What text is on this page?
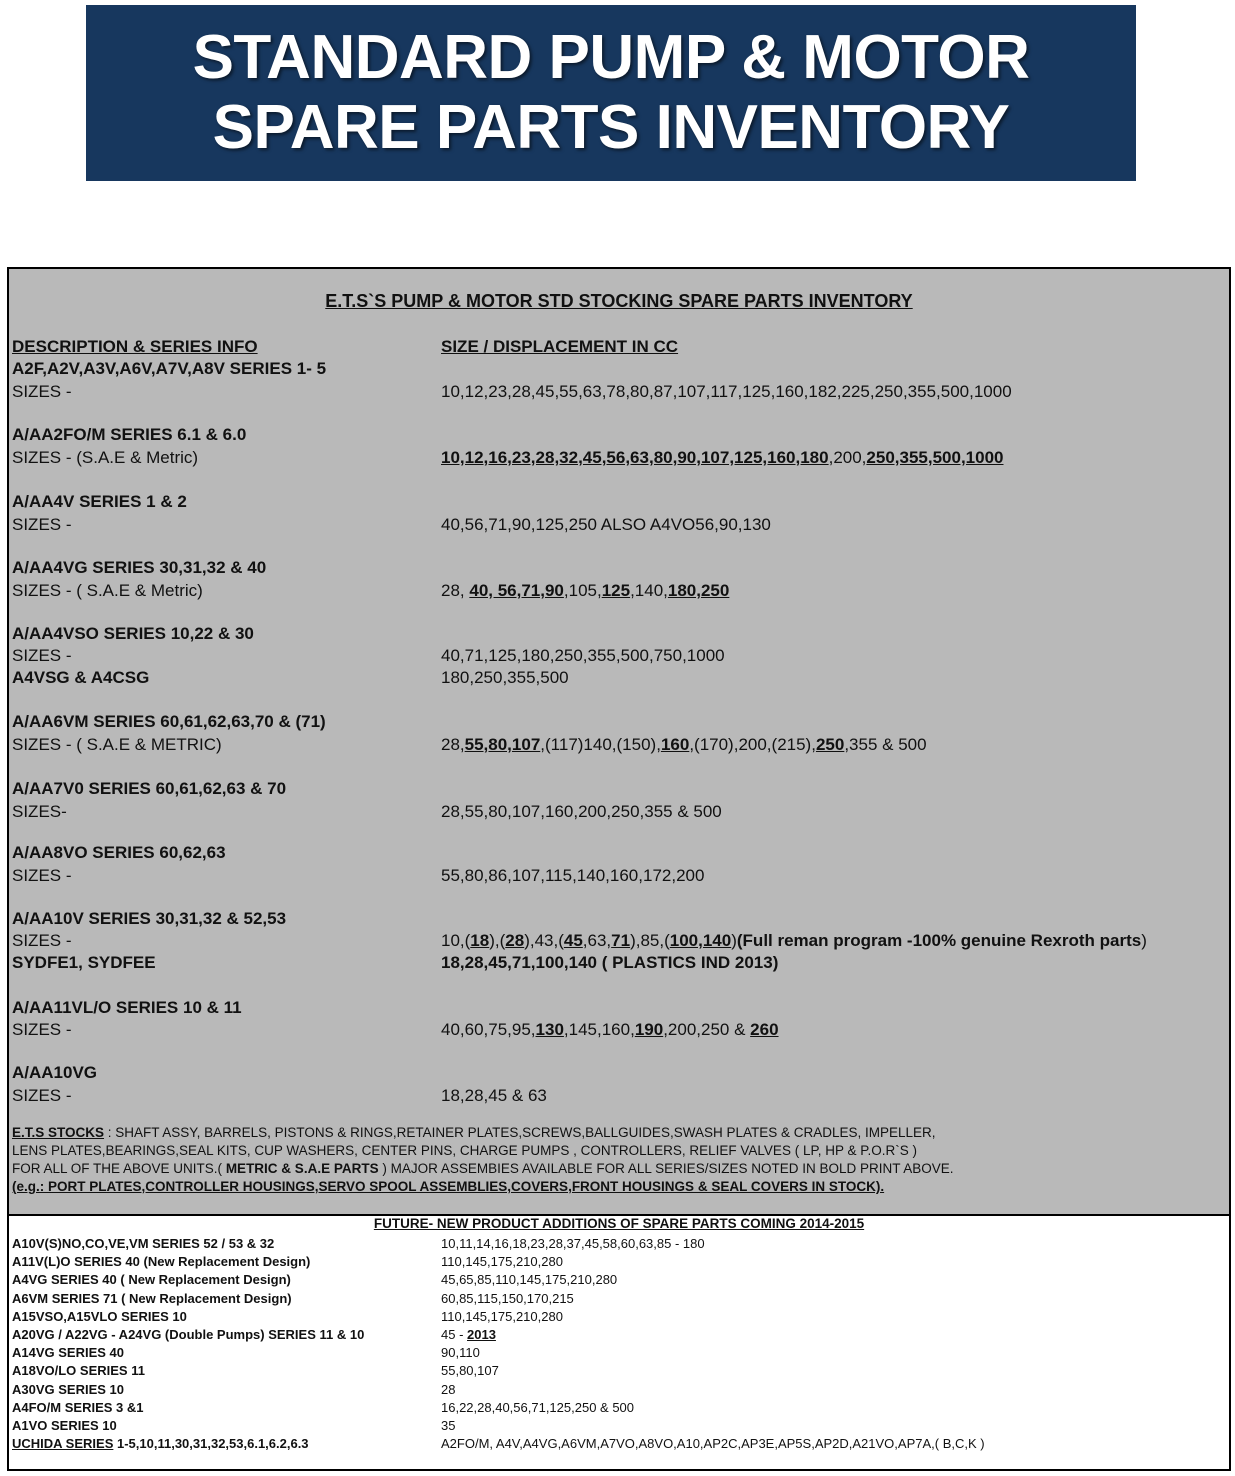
STANDARD PUMP & MOTOR
SPARE PARTS INVENTORY
E.T.S`S PUMP & MOTOR STD STOCKING SPARE PARTS INVENTORY
DESCRIPTION & SERIES INFO	SIZE / DISPLACEMENT IN CC
A2F,A2V,A3V,A6V,A7V,A8V SERIES 1- 5
SIZES -	10,12,23,28,45,55,63,78,80,87,107,117,125,160,182,225,250,355,500,1000
A/AA2FO/M SERIES 6.1 & 6.0
SIZES - (S.A.E & Metric)	10,12,16,23,28,32,45,56,63,80,90,107,125,160,180,200,250,355,500,1000
A/AA4V SERIES 1 & 2
SIZES -	40,56,71,90,125,250 ALSO A4VO56,90,130
A/AA4VG SERIES 30,31,32 & 40
SIZES - ( S.A.E & Metric)	28, 40, 56,71,90,105,125,140,180,250
A/AA4VSO SERIES 10,22 & 30
SIZES -	40,71,125,180,250,355,500,750,1000
A4VSG & A4CSG	180,250,355,500
A/AA6VM SERIES 60,61,62,63,70 & (71)
SIZES - ( S.A.E & METRIC)	28,55,80,107,(117)140,(150),160,(170),200,(215),250,355 & 500
A/AA7V0 SERIES 60,61,62,63 & 70
SIZES-	28,55,80,107,160,200,250,355 & 500
A/AA8VO SERIES 60,62,63
SIZES -	55,80,86,107,115,140,160,172,200
A/AA10V SERIES 30,31,32 & 52,53
SIZES -	10,(18),(28),43,(45,63,71),85,(100,140)(Full reman program -100% genuine Rexroth parts)
SYDFE1, SYDFEE	18,28,45,71,100,140 ( PLASTICS IND 2013)
A/AA11VL/O SERIES 10 & 11
SIZES -	40,60,75,95,130,145,160,190,200,250 & 260
A/AA10VG
SIZES -	18,28,45 & 63
E.T.S STOCKS : SHAFT ASSY, BARRELS, PISTONS & RINGS,RETAINER PLATES,SCREWS,BALLGUIDES,SWASH PLATES & CRADLES, IMPELLER,
LENS PLATES,BEARINGS,SEAL KITS, CUP WASHERS, CENTER PINS, CHARGE PUMPS , CONTROLLERS, RELIEF VALVES ( LP, HP & P.O.R`S )
FOR ALL OF THE ABOVE UNITS.( METRIC & S.A.E PARTS ) MAJOR ASSEMBIES AVAILABLE FOR ALL SERIES/SIZES NOTED IN BOLD PRINT ABOVE.
(e.g.: PORT PLATES,CONTROLLER HOUSINGS,SERVO SPOOL ASSEMBLIES,COVERS,FRONT HOUSINGS & SEAL COVERS IN STOCK).
FUTURE- NEW PRODUCT ADDITIONS OF SPARE PARTS COMING 2014-2015
A10V(S)NO,CO,VE,VM SERIES 52 / 53 & 32	10,11,14,16,18,23,28,37,45,58,60,63,85 - 180
A11V(L)O SERIES 40 (New Replacement Design)	110,145,175,210,280
A4VG SERIES 40 ( New Replacement Design)	45,65,85,110,145,175,210,280
A6VM SERIES 71 ( New Replacement Design)	60,85,115,150,170,215
A15VSO,A15VLO SERIES 10	110,145,175,210,280
A20VG / A22VG - A24VG (Double Pumps) SERIES 11 & 10	45 - 2013
A14VG SERIES 40	90,110
A18VO/LO SERIES 11	55,80,107
A30VG SERIES 10	28
A4FO/M SERIES 3 &1	16,22,28,40,56,71,125,250 & 500
A1VO SERIES 10	35
UCHIDA SERIES 1-5,10,11,30,31,32,53,6.1,6.2,6.3	A2FO/M, A4V,A4VG,A6VM,A7VO,A8VO,A10,AP2C,AP3E,AP5S,AP2D,A21VO,AP7A,( B,C,K )
